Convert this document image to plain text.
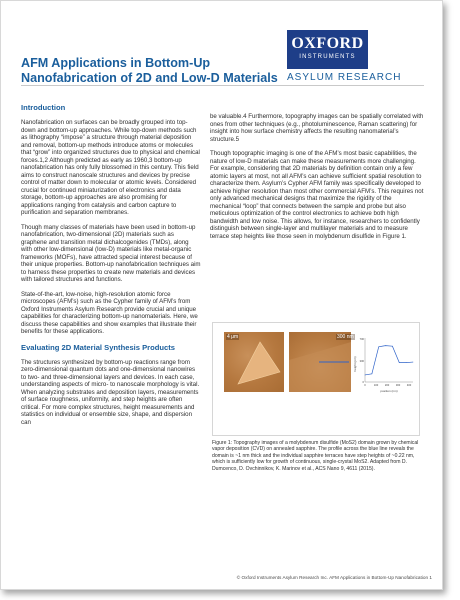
OXFORD
INSTRUMENTS
ASYLUM RESEARCH
AFM Applications in Bottom-Up
Nanofabrication of 2D and Low-D Materials
Introduction

Nanofabrication on surfaces can be broadly grouped into top-down and bottom-up approaches. While top-down methods such as lithography “impose” a structure through material deposition and removal, bottom-up methods introduce atoms or molecules that “grow” into organized structures due to physical and chemical forces.1,2 Although predicted as early as 1960,3 bottom-up nanofabrication has only fully blossomed in this century. This field aims to construct nanoscale structures and devices by precise control of matter down to molecular or atomic levels. Considered crucial for continued miniaturization of electronics and data storage, bottom-up approaches are also promising for applications ranging from catalysis and carbon capture to purification and separation membranes.

Though many classes of materials have been used in bottom-up nanofabrication, two-dimensional (2D) materials such as graphene and transition metal dichalcogenides (TMDs), along with other low-dimensional (low-D) materials like metal-organic frameworks (MOFs), have attracted special interest because of their unique properties. Bottom-up nanofabrication techniques aim to harness these properties to create new materials and devices with tailored structures and functions.

State-of-the-art, low-noise, high-resolution atomic force microscopes (AFM’s) such as the Cypher family of AFM’s from Oxford Instruments Asylum Research provide crucial and unique capabilities for characterizing bottom-up nanomaterials. Here, we discuss these capabilities and show examples that illustrate their benefits for these applications.

Evaluating 2D Material Synthesis Products

The structures synthesized by bottom-up reactions range from zero-dimensional quantum dots and one-dimensional nanowires to two- and three-dimensional layers and devices. In each case, understanding aspects of micro- to nanoscale morphology is vital. When analyzing substrates and deposition layers, measurements of surface roughness, uniformity, and step heights are often critical. For more complex structures, height measurements and statistics on individual or ensemble size, shape, and dispersion can

be valuable.4 Furthermore, topography images can be spatially correlated with ones from other techniques (e.g., photoluminescence, Raman scattering) for insight into how surface chemistry affects the resulting nanomaterial’s structure.5

Though topographic imaging is one of the AFM’s most basic capabilities, the nature of low-D materials can make these measurements more challenging. For example, considering that 2D materials by definition contain only a few atomic layers at most, not all AFM’s can achieve sufficient spatial resolution to characterize them. Asylum’s Cypher AFM family was specifically developed to achieve higher resolution than most other commercial AFM’s. This requires not only advanced mechanical designs that maximize the rigidity of the mechanical “loop” that connects between the sample and probe but also meticulous optimization of the control electronics to achieve both high bandwidth and low noise. This allows, for instance, researchers to confidently distinguish between single-layer and multilayer materials and to measure terrace step heights like those seen in molybdenum disulfide in Figure 1.

4 μm	300 nm
height (pm)
position (nm)
700
300
0
0	100	200	300	400
Figure 1: Topography images of a molybdenum disulfide (MoS2) domain grown by chemical vapor deposition (CVD) on annealed sapphire. The profile across the blue line reveals the domain is ~1 nm thick and the individual sapphire terraces have step heights of ~0.22 nm, which is sufficiently low for growth of continuous, single-crystal MoS2. Adapted from D. Dumcenco, D. Ovchinnikov, K. Marinov et al., ACS Nano 9, 4611 (2015).
© Oxford Instruments Asylum Research Inc. AFM Applications in Bottom-Up Nanofabrication 1
